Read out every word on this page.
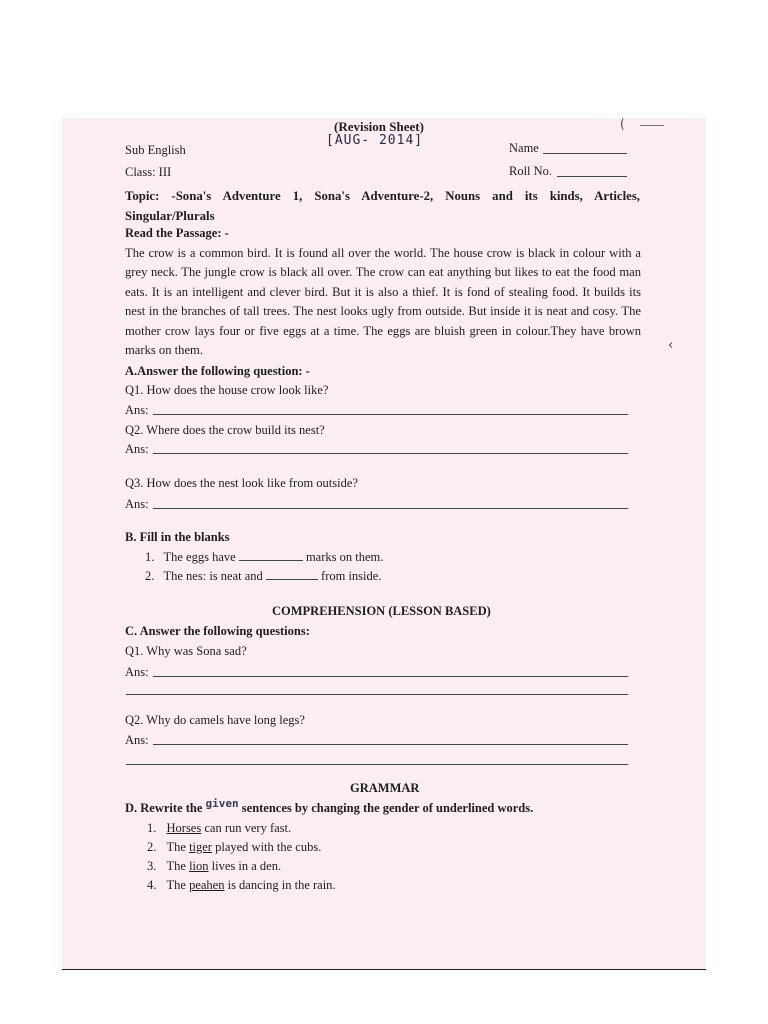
(Revision Sheet)
[AUG- 2014]
Sub English	Name
Class: III	Roll No.
(
Topic: -Sona's Adventure 1, Sona's Adventure-2, Nouns and its kinds, Articles, Singular/Plurals
Read the Passage: -
The crow is a common bird. It is found all over the world. The house crow is black in colour with a grey neck. The jungle crow is black all over. The crow can eat anything but likes to eat the food man eats. It is an intelligent and clever bird. But it is also a thief. It is fond of stealing food. It builds its nest in the branches of tall trees. The nest looks ugly from outside. But inside it is neat and cosy. The mother crow lays four or five eggs at a time. The eggs are bluish green in colour.They have brown marks on them.	‹
A.Answer the following question: -
Q1. How does the house crow look like?
Ans:
Q2. Where does the crow build its nest?
Ans:
Q3. How does the nest look like from outside?
Ans:
B. Fill in the blanks
1. The eggs have	marks on them.
2. The nes: is neat and	from inside.
COMPREHENSION (LESSON BASED)
C. Answer the following questions:
Q1. Why was Sona sad?
Ans:
Q2. Why do camels have long legs?
Ans:
GRAMMAR
D. Rewrite the given sentences by changing the gender of underlined words.
1. Horses can run very fast.
2. The tiger played with the cubs.
3. The lion lives in a den.
4. The peahen is dancing in the rain.
